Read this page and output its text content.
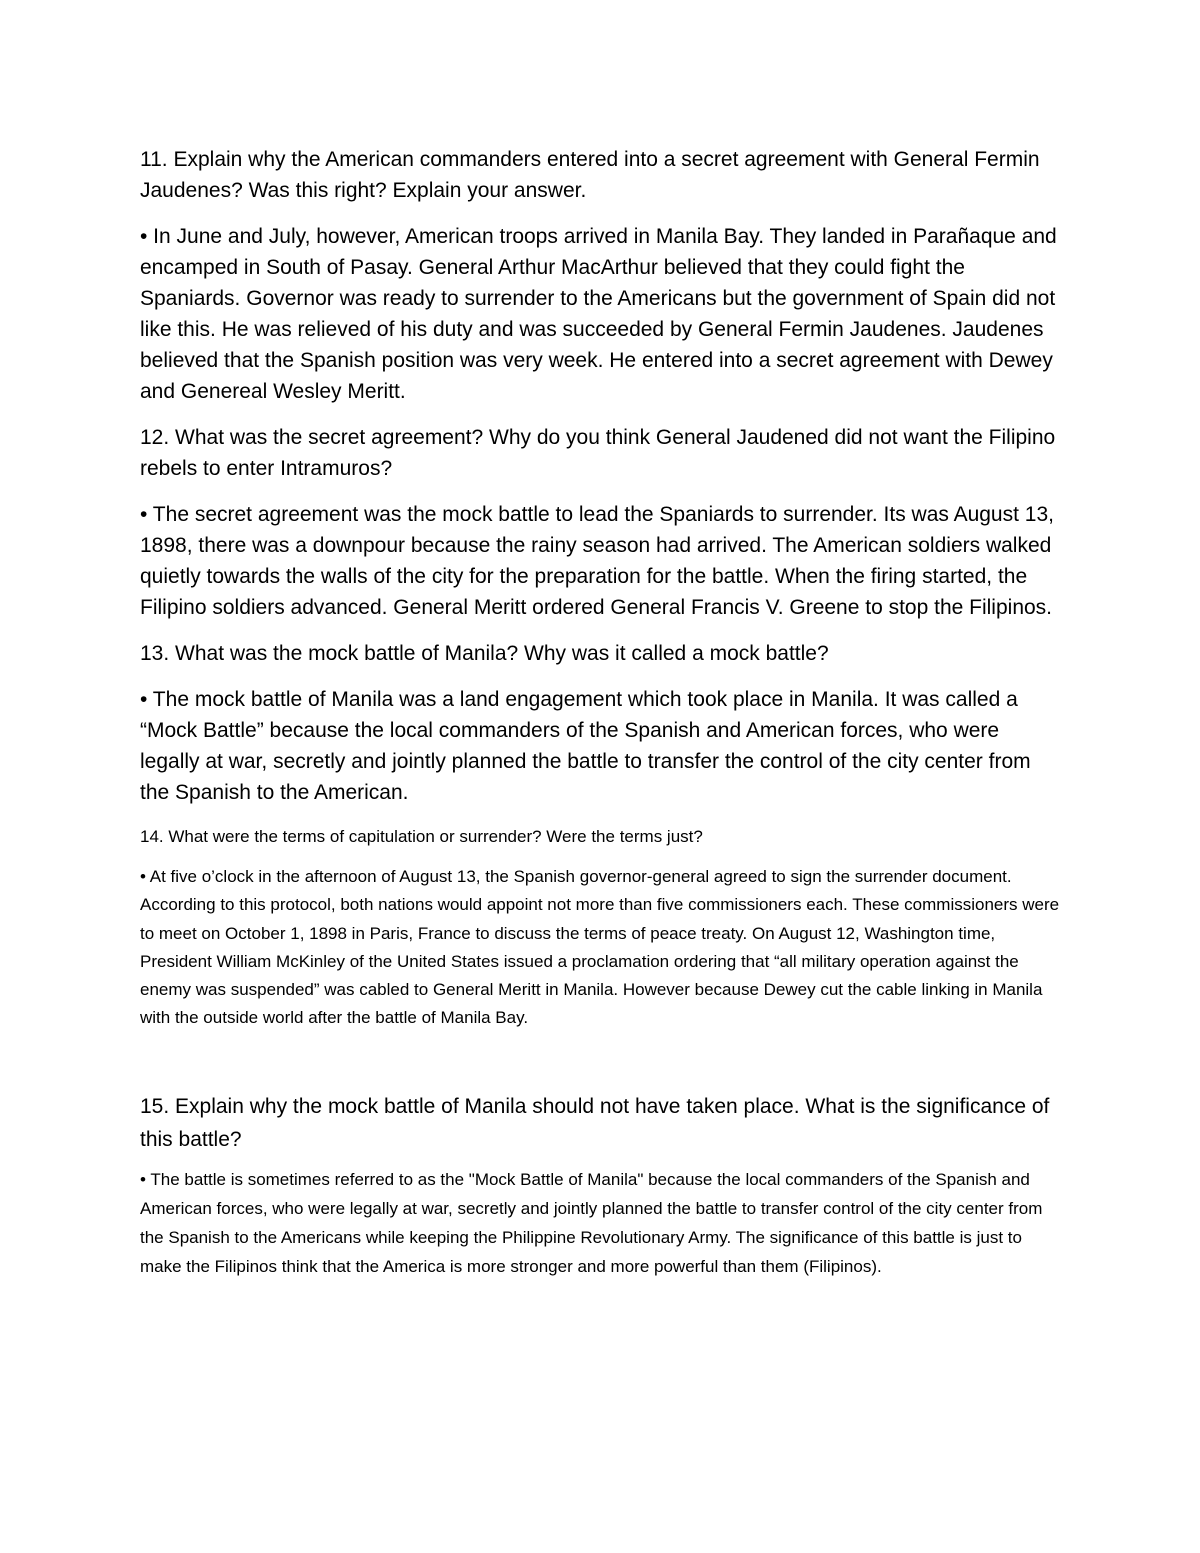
11. Explain why the American commanders entered into a secret agreement with General Fermin Jaudenes? Was this right? Explain your answer.

• In June and July, however, American troops arrived in Manila Bay. They landed in Parañaque and encamped in South of Pasay. General Arthur MacArthur believed that they could fight the Spaniards. Governor was ready to surrender to the Americans but the government of Spain did not like this. He was relieved of his duty and was succeeded by General Fermin Jaudenes. Jaudenes believed that the Spanish position was very week. He entered into a secret agreement with Dewey and Genereal Wesley Meritt.

12. What was the secret agreement? Why do you think General Jaudened did not want the Filipino rebels to enter Intramuros?

• The secret agreement was the mock battle to lead the Spaniards to surrender. Its was August 13, 1898, there was a downpour because the rainy season had arrived. The American soldiers walked quietly towards the walls of the city for the preparation for the battle. When the firing started, the Filipino soldiers advanced. General Meritt ordered General Francis V. Greene to stop the Filipinos.

13. What was the mock battle of Manila? Why was it called a mock battle?

• The mock battle of Manila was a land engagement which took place in Manila. It was called a “Mock Battle” because the local commanders of the Spanish and American forces, who were legally at war, secretly and jointly planned the battle to transfer the control of the city center from the Spanish to the American.

14. What were the terms of capitulation or surrender? Were the terms just?

• At five o’clock in the afternoon of August 13, the Spanish governor-general agreed to sign the surrender document. According to this protocol, both nations would appoint not more than five commissioners each. These commissioners were to meet on October 1, 1898 in Paris, France to discuss the terms of peace treaty. On August 12, Washington time, President William McKinley of the United States issued a proclamation ordering that “all military operation against the enemy was suspended” was cabled to General Meritt in Manila. However because Dewey cut the cable linking in Manila with the outside world after the battle of Manila Bay.

15. Explain why the mock battle of Manila should not have taken place. What is the significance of this battle?

• The battle is sometimes referred to as the "Mock Battle of Manila" because the local commanders of the Spanish and American forces, who were legally at war, secretly and jointly planned the battle to transfer control of the city center from the Spanish to the Americans while keeping the Philippine Revolutionary Army. The significance of this battle is just to make the Filipinos think that the America is more stronger and more powerful than them (Filipinos).
